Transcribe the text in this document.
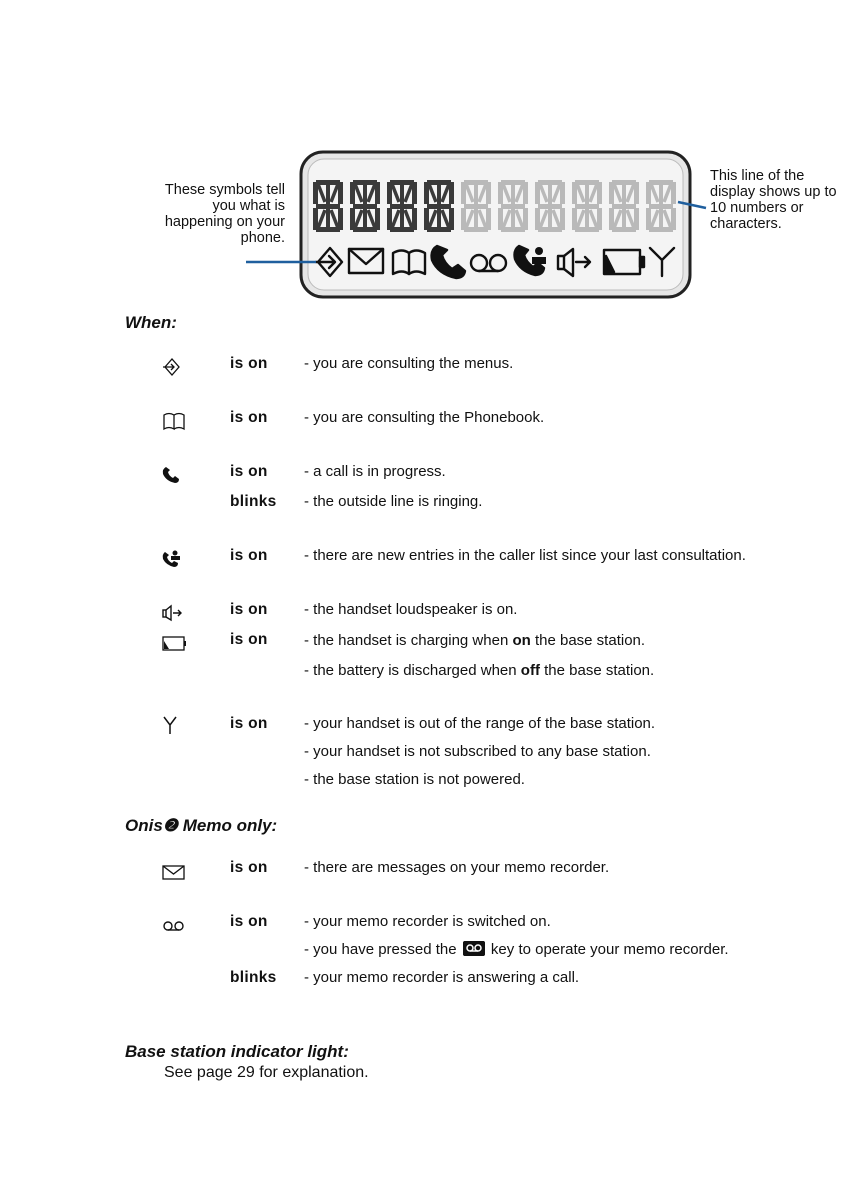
These symbols tell you what is happening on your phone.
This line of the display shows up to 10 numbers or characters.
When:
is on - you are consulting the menus.
is on - you are consulting the Phonebook.
is on - a call is in progress.
blinks - the outside line is ringing.
is on - there are new entries in the caller list since your last consultation.
is on - the handset loudspeaker is on.
is on - the handset is charging when on the base station.
- the battery is discharged when off the base station.
is on - your handset is out of the range of the base station.
- your handset is not subscribed to any base station.
- the base station is not powered.
Onis❷ Memo only:
is on - there are messages on your memo recorder.
is on - your memo recorder is switched on.
- you have pressed the  key to operate your memo recorder.
blinks - your memo recorder is answering a call.
Base station indicator light:
See page 29 for explanation.
